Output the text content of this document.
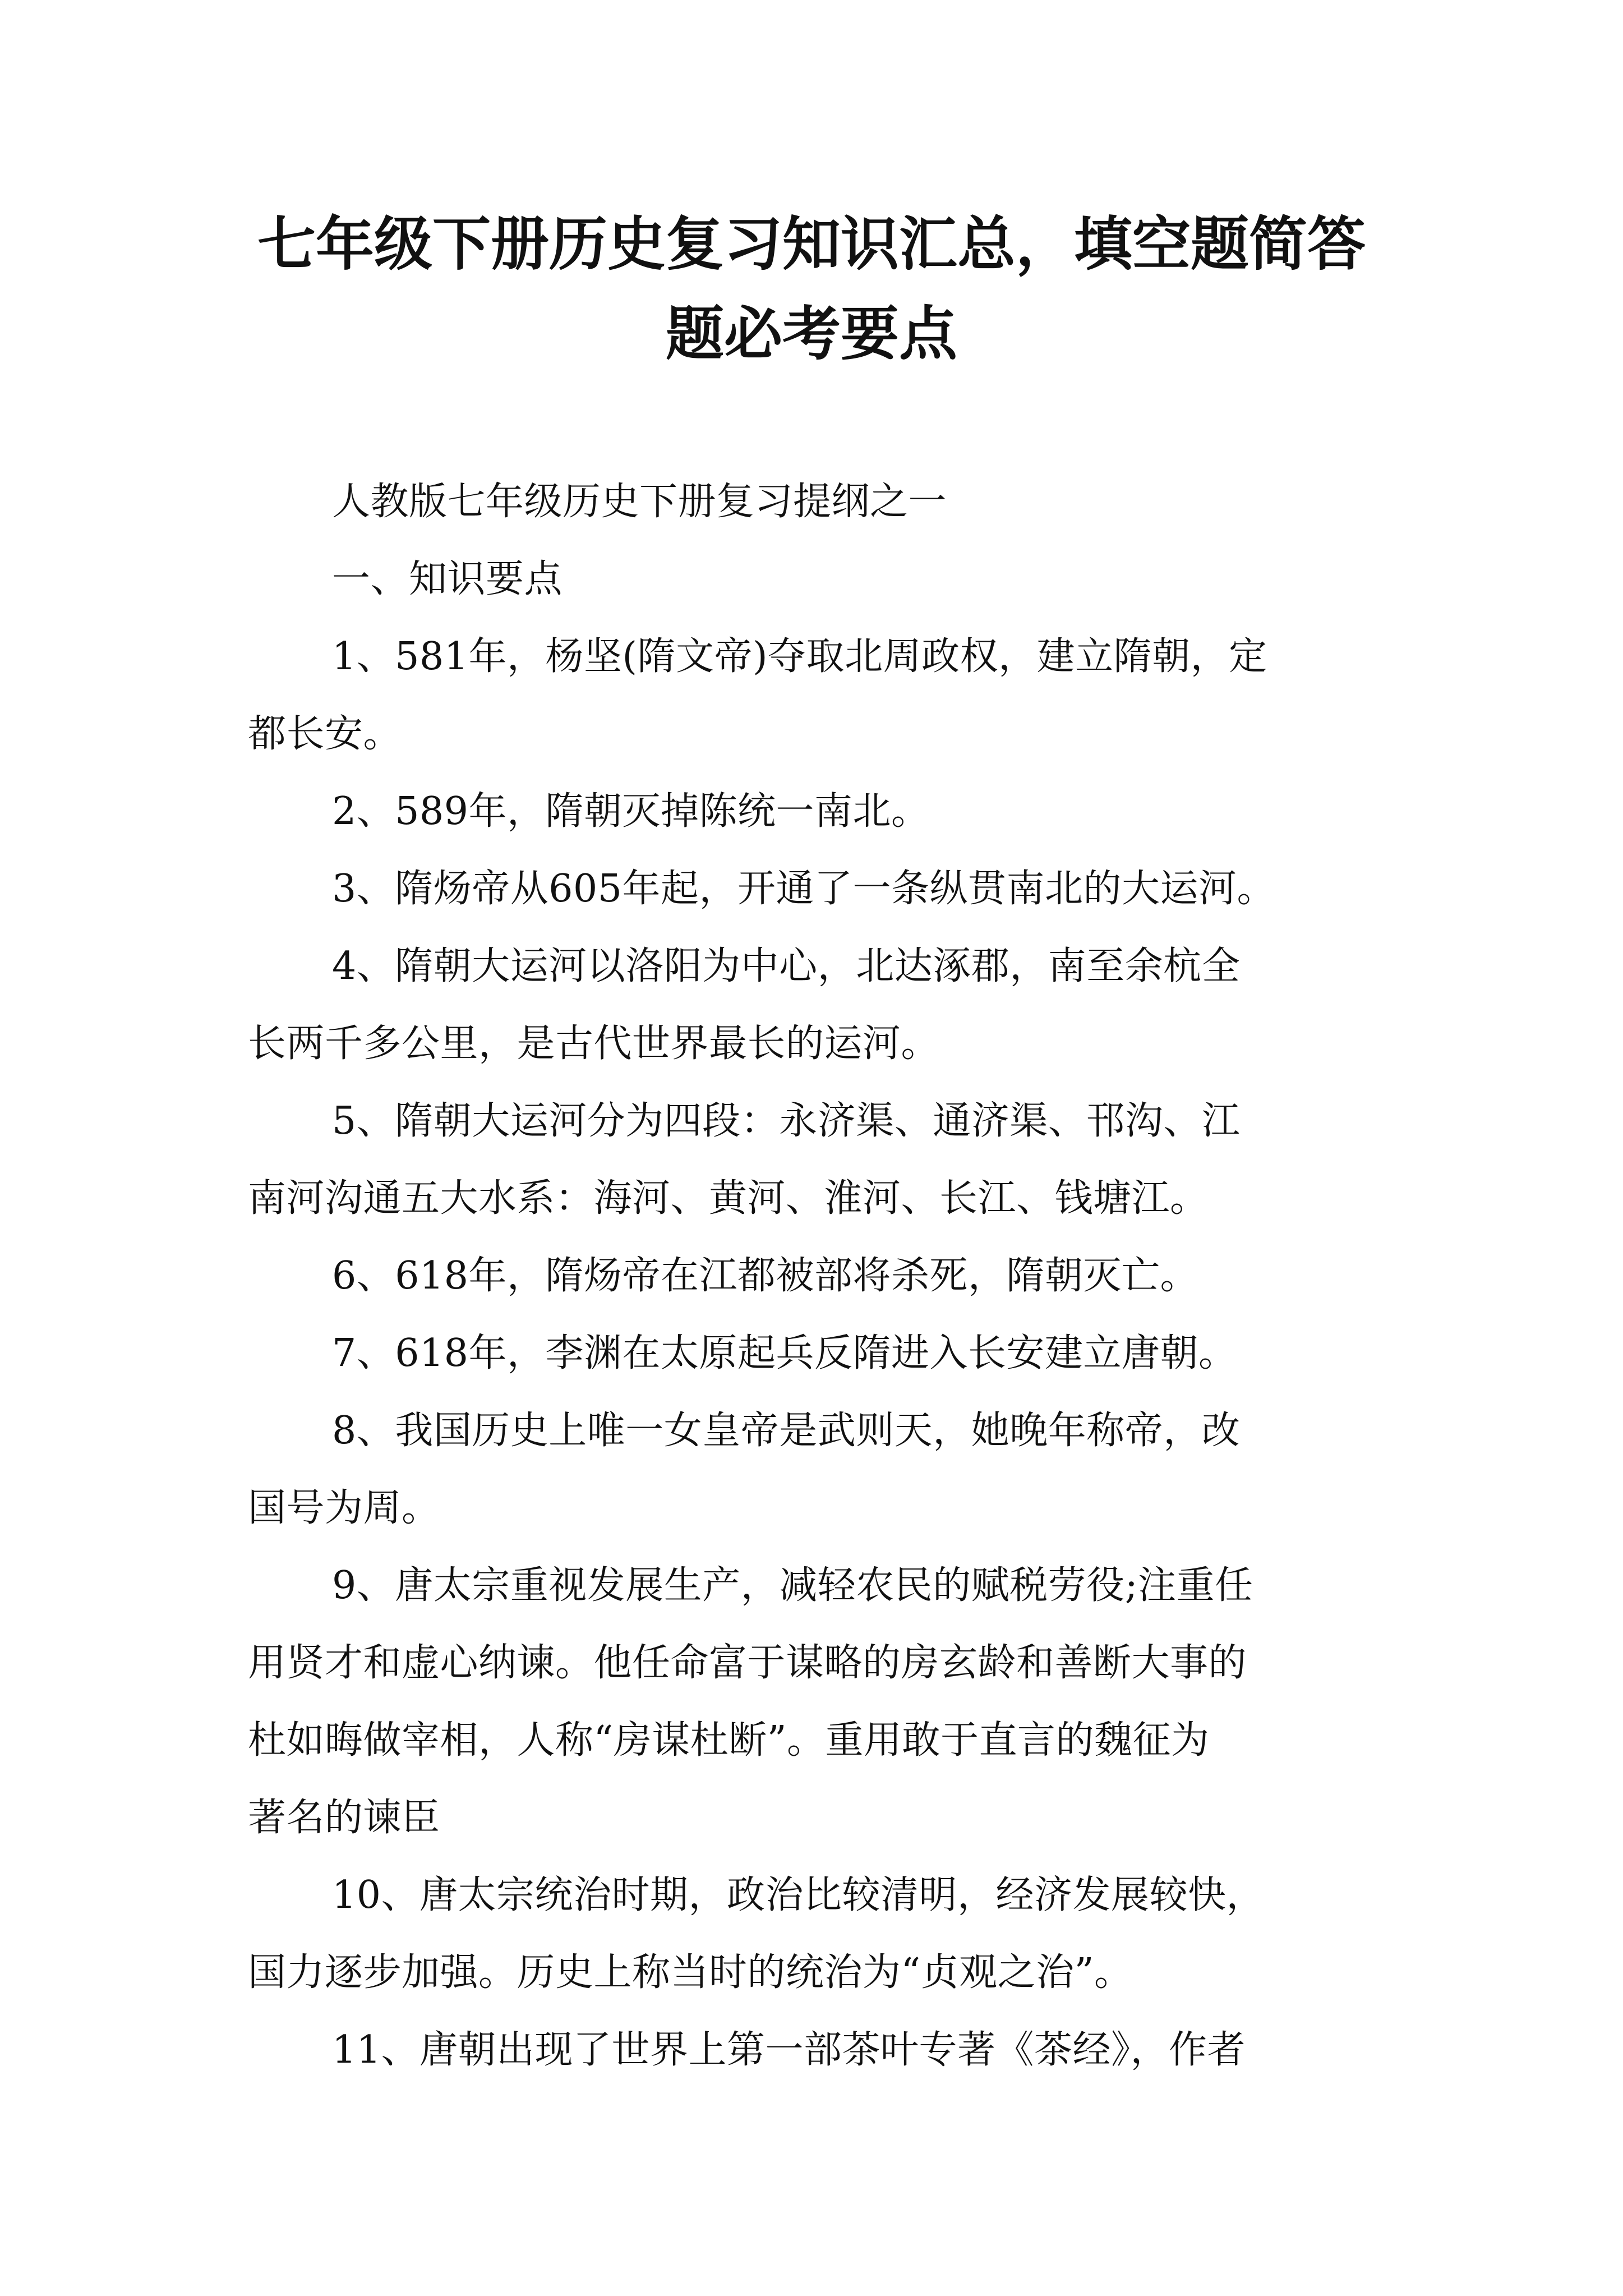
七年级下册历史复习知识汇总，填空题简答
题必考要点

人教版七年级历史下册复习提纲之一

一、知识要点

1、581年，杨坚(隋文帝)夺取北周政权，建立隋朝，定
都长安。

2、589年，隋朝灭掉陈统一南北。

3、隋炀帝从605年起，开通了一条纵贯南北的大运河。

4、隋朝大运河以洛阳为中心，北达涿郡，南至余杭全
长两千多公里，是古代世界最长的运河。

5、隋朝大运河分为四段：永济渠、通济渠、邗沟、江
南河沟通五大水系：海河、黄河、淮河、长江、钱塘江。

6、618年，隋炀帝在江都被部将杀死，隋朝灭亡。

7、618年，李渊在太原起兵反隋进入长安建立唐朝。

8、我国历史上唯一女皇帝是武则天，她晚年称帝，改
国号为周。

9、唐太宗重视发展生产，减轻农民的赋税劳役;注重任
用贤才和虚心纳谏。他任命富于谋略的房玄龄和善断大事的
杜如晦做宰相，人称“房谋杜断”。重用敢于直言的魏征为
著名的谏臣

10、唐太宗统治时期，政治比较清明，经济发展较快，
国力逐步加强。历史上称当时的统治为“贞观之治”。

11、唐朝出现了世界上第一部茶叶专著《茶经》，作者
